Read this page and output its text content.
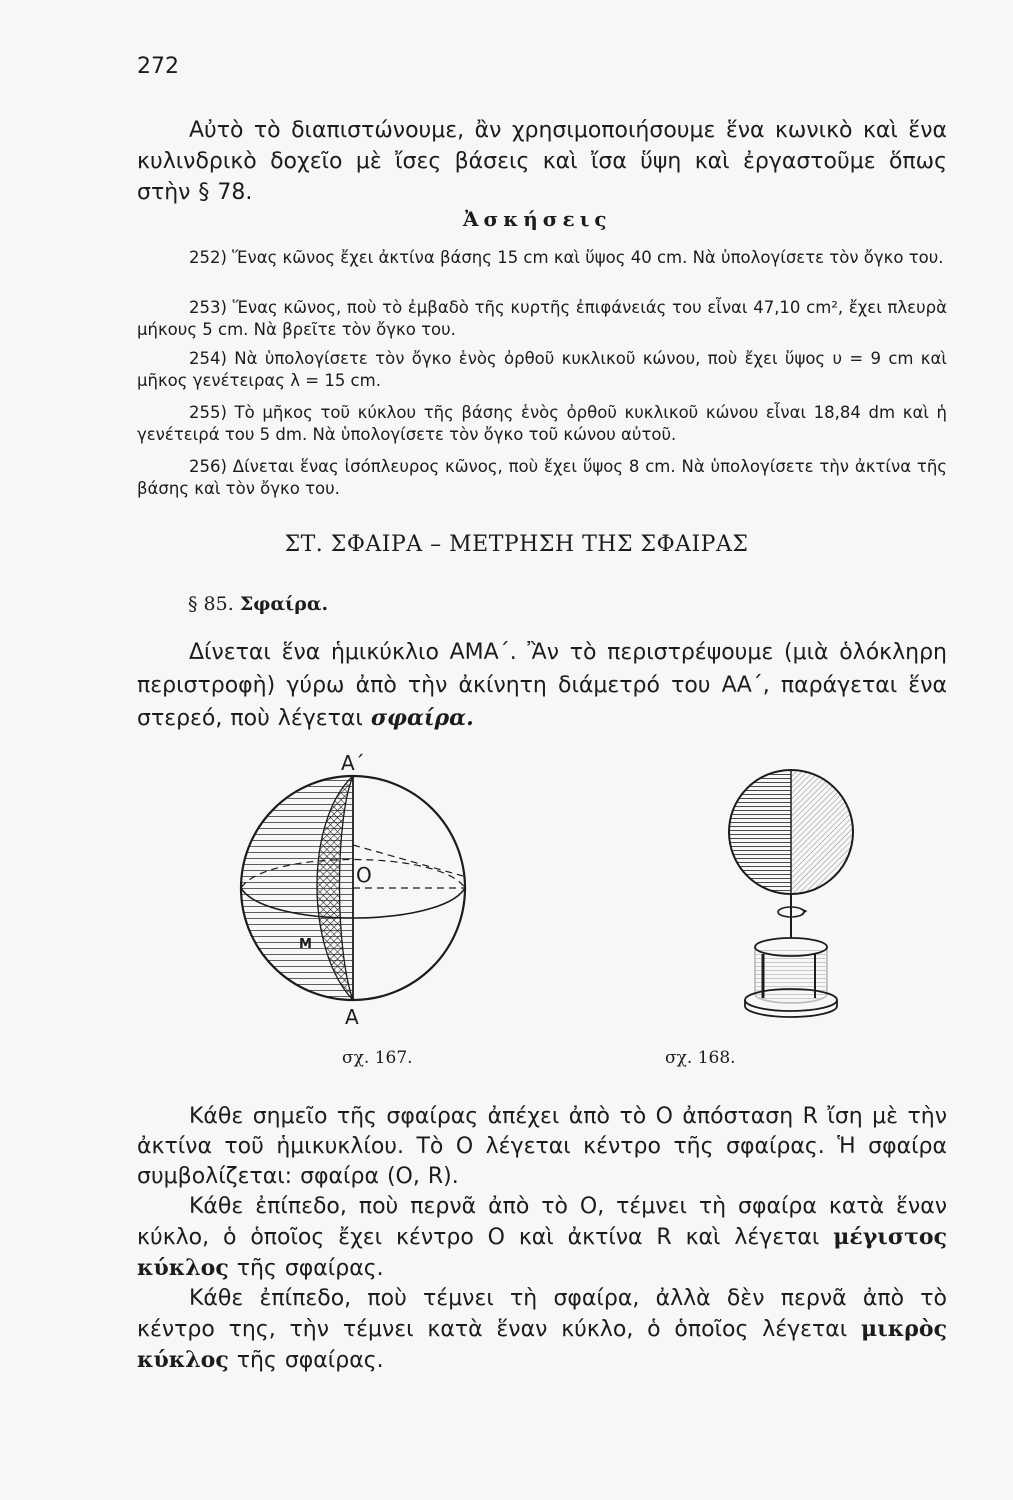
272
Αὐτὸ τὸ διαπιστώνουμε, ἂν χρησιμοποιήσουμε ἕνα κωνικὸ καὶ ἕνα κυλινδρικὸ δοχεῖο μὲ ἴσες βάσεις καὶ ἴσα ὕψη καὶ ἐργαστοῦμε ὅπως στὴν § 78.
Ἀσκήσεις
252) Ἕνας κῶνος ἔχει ἀκτίνα βάσης 15 cm καὶ ὕψος 40 cm. Νὰ ὑπολογίσετε τὸν ὄγκο του.
253) Ἕνας κῶνος, ποὺ τὸ ἐμβαδὸ τῆς κυρτῆς ἐπιφάνειάς του εἶναι 47,10 cm², ἔχει πλευρὰ μήκους 5 cm. Νὰ βρεῖτε τὸν ὄγκο του.
254) Νὰ ὑπολογίσετε τὸν ὄγκο ἑνὸς ὀρθοῦ κυκλικοῦ κώνου, ποὺ ἔχει ὕψος υ = 9 cm καὶ μῆκος γενέτειρας λ = 15 cm.
255) Τὸ μῆκος τοῦ κύκλου τῆς βάσης ἑνὸς ὀρθοῦ κυκλικοῦ κώνου εἶναι 18,84 dm καὶ ἡ γενέτειρά του 5 dm. Νὰ ὑπολογίσετε τὸν ὄγκο τοῦ κώνου αὐτοῦ.
256) Δίνεται ἕνας ἰσόπλευρος κῶνος, ποὺ ἔχει ὕψος 8 cm. Νὰ ὑπολογίσετε τὴν ἀκτίνα τῆς βάσης καὶ τὸν ὄγκο του.
ΣΤ. ΣΦΑΙΡΑ – ΜΕΤΡΗΣΗ ΤΗΣ ΣΦΑΙΡΑΣ
§ 85. Σφαίρα.
Δίνεται ἕνα ἡμικύκλιο ΑΜΑ΄. Ἂν τὸ περιστρέψουμε (μιὰ ὁλόκληρη περιστροφὴ) γύρω ἀπὸ τὴν ἀκίνητη διάμετρό του ΑΑ΄, παράγεται ἕνα στερεό, ποὺ λέγεται σφαίρα.
Α΄
Α
Ο
Μ
σχ. 167.	σχ. 168.
Κάθε σημεῖο τῆς σφαίρας ἀπέχει ἀπὸ τὸ Ο ἀπόσταση R ἴση μὲ τὴν ἀκτίνα τοῦ ἡμικυκλίου. Τὸ Ο λέγεται κέντρο τῆς σφαίρας. Ἡ σφαίρα συμβολίζεται: σφαίρα (Ο, R).
Κάθε ἐπίπεδο, ποὺ περνᾶ ἀπὸ τὸ Ο, τέμνει τὴ σφαίρα κατὰ ἕναν κύκλο, ὁ ὁποῖος ἔχει κέντρο Ο καὶ ἀκτίνα R καὶ λέγεται μέγιστος κύκλος τῆς σφαίρας.
Κάθε ἐπίπεδο, ποὺ τέμνει τὴ σφαίρα, ἀλλὰ δὲν περνᾶ ἀπὸ τὸ κέντρο της, τὴν τέμνει κατὰ ἕναν κύκλο, ὁ ὁποῖος λέγεται μικρὸς κύκλος τῆς σφαίρας.
